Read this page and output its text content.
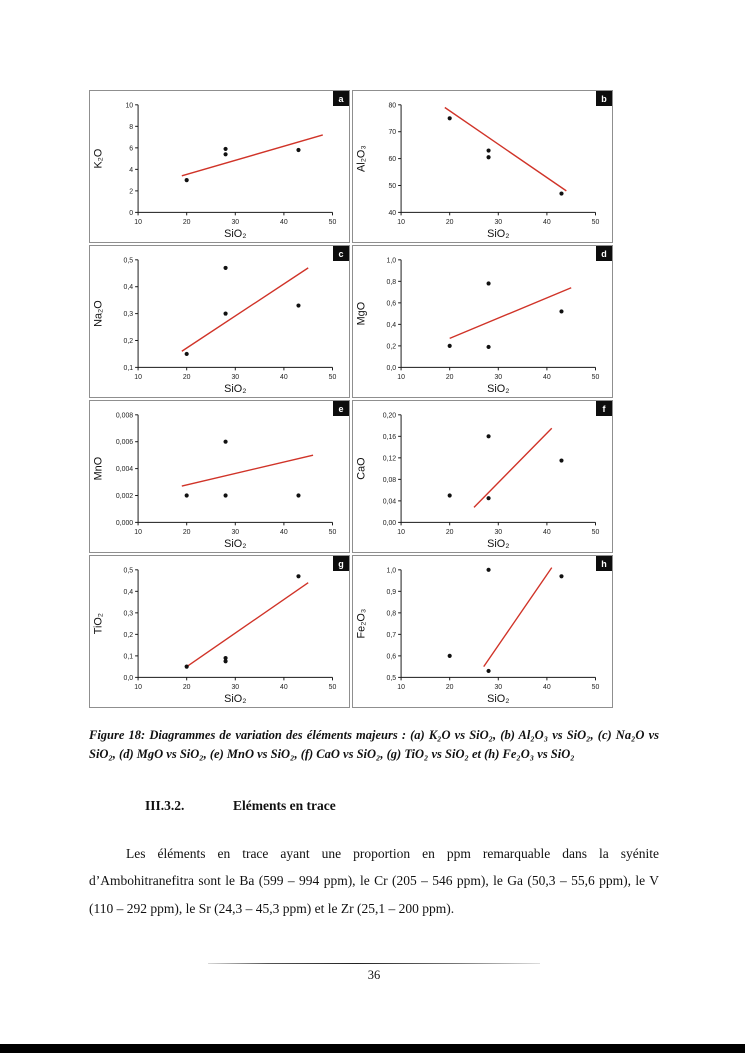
a
10	20	30	40	50
0
2
4
6
8
10
SiO₂
K₂O
b
10	20	30	40	50
40
50
60
70
80
SiO₂
Al₂O₃
c
10	20	30	40	50
0,1
0,2
0,3
0,4
0,5
SiO₂
Na₂O
d
10	20	30	40	50
0,0
0,2
0,4
0,6
0,8
1,0
SiO₂
MgO
e
10	20	30	40	50
0,000
0,002
0,004
0,006
0,008
SiO₂
MnO
f
10	20	30	40	50
0,00
0,04
0,08
0,12
0,16
0,20
SiO₂
CaO
g
10	20	30	40	50
0,0
0,1
0,2
0,3
0,4
0,5
SiO₂
TiO₂
h
10	20	30	40	50
0,5
0,6
0,7
0,8
0,9
1,0
SiO₂
Fe₂O₃

Figure 18: Diagrammes de variation des éléments majeurs : (a) K₂O vs SiO₂, (b) Al₂O₃ vs SiO₂, (c) Na₂O vs SiO₂, (d) MgO vs SiO₂, (e) MnO vs SiO₂, (f) CaO vs SiO₂, (g) TiO₂ vs SiO₂ et (h) Fe₂O₃ vs SiO₂

III.3.2.	Eléments en trace

Les éléments en trace ayant une proportion en ppm remarquable dans la syénite d’Ambohitranefitra sont le Ba (599 – 994 ppm), le Cr (205 – 546 ppm), le Ga (50,3 – 55,6 ppm), le V (110 – 292 ppm), le Sr (24,3 – 45,3 ppm) et le Zr (25,1 – 200 ppm).

36
